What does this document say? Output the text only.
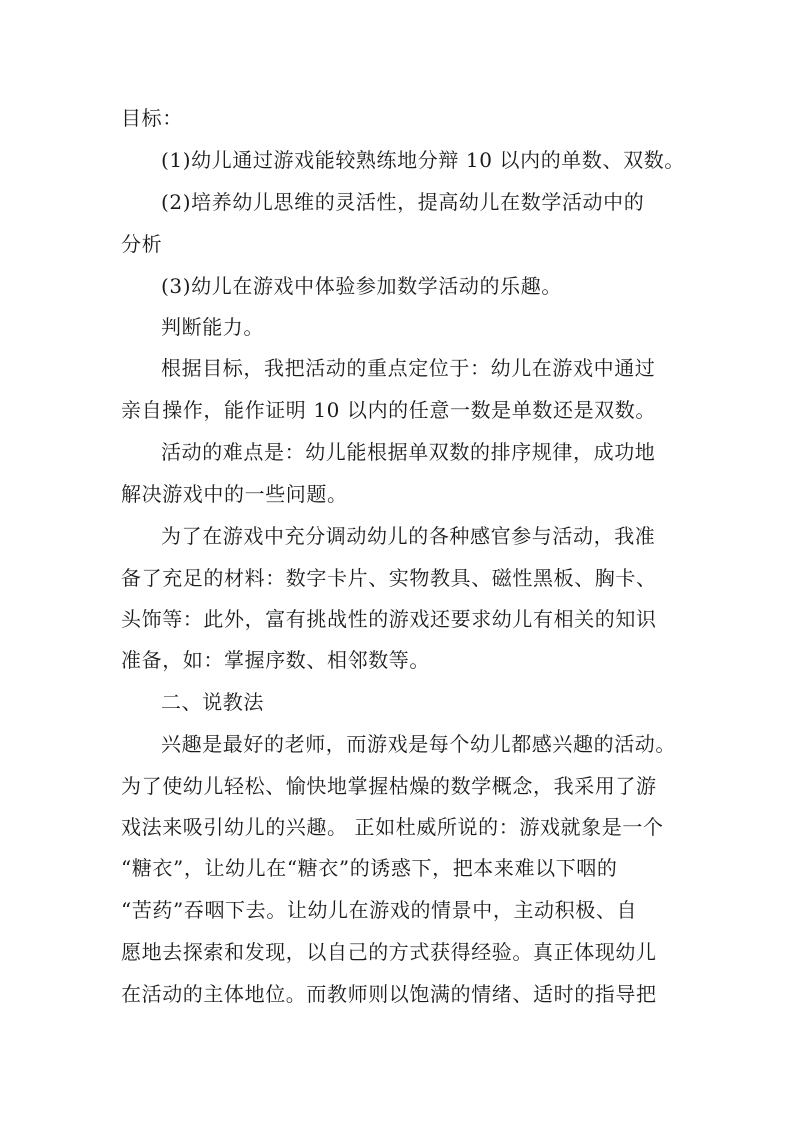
目标：
(1)幼儿通过游戏能较熟练地分辩 10 以内的单数、双数。
(2)培养幼儿思维的灵活性，提高幼儿在数学活动中的
分析
(3)幼儿在游戏中体验参加数学活动的乐趣。
判断能力。
根据目标，我把活动的重点定位于：幼儿在游戏中通过
亲自操作，能作证明 10 以内的任意一数是单数还是双数。
活动的难点是：幼儿能根据单双数的排序规律，成功地
解决游戏中的一些问题。
为了在游戏中充分调动幼儿的各种感官参与活动，我准
备了充足的材料：数字卡片、实物教具、磁性黑板、胸卡、
头饰等：此外，富有挑战性的游戏还要求幼儿有相关的知识
准备，如：掌握序数、相邻数等。
二、说教法
兴趣是最好的老师，而游戏是每个幼儿都感兴趣的活动。
为了使幼儿轻松、愉快地掌握枯燥的数学概念，我采用了游
戏法来吸引幼儿的兴趣。 正如杜威所说的：游戏就象是一个
“糖衣”，让幼儿在“糖衣”的诱惑下，把本来难以下咽的
“苦药”吞咽下去。让幼儿在游戏的情景中，主动积极、自
愿地去探索和发现，以自己的方式获得经验。真正体现幼儿
在活动的主体地位。而教师则以饱满的情绪、适时的指导把
